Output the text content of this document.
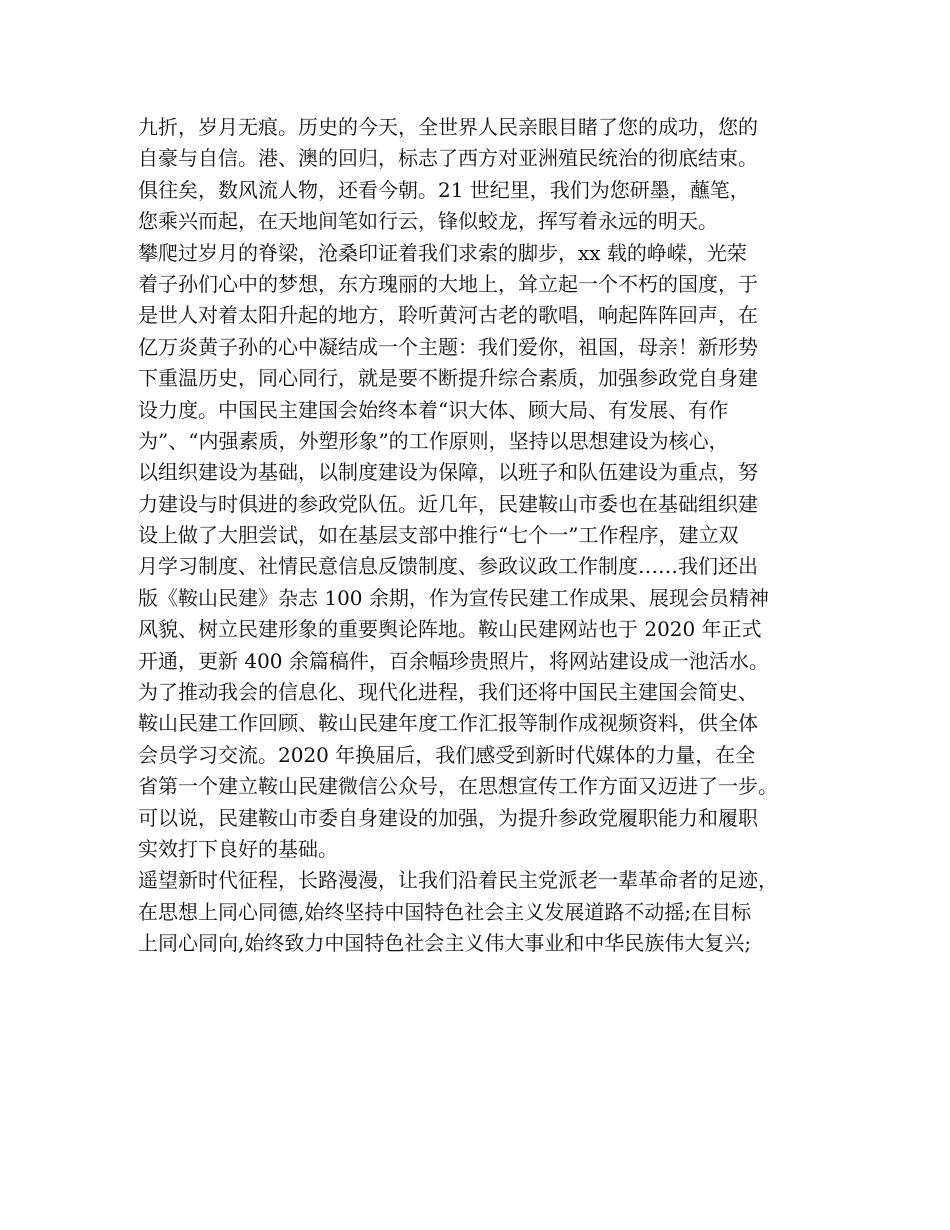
九折，岁月无痕。历史的今天，全世界人民亲眼目睹了您的成功，您的
自豪与自信。港、澳的回归，标志了西方对亚洲殖民统治的彻底结束。
俱往矣，数风流人物，还看今朝。21 世纪里，我们为您研墨，蘸笔，
您乘兴而起，在天地间笔如行云，锋似蛟龙，挥写着永远的明天。
攀爬过岁月的脊梁，沧桑印证着我们求索的脚步，xx 载的峥嵘，光荣
着子孙们心中的梦想，东方瑰丽的大地上，耸立起一个不朽的国度，于
是世人对着太阳升起的地方，聆听黄河古老的歌唱，响起阵阵回声，在
亿万炎黄子孙的心中凝结成一个主题：我们爱你，祖国，母亲！新形势
下重温历史，同心同行，就是要不断提升综合素质，加强参政党自身建
设力度。中国民主建国会始终本着“识大体、顾大局、有发展、有作
为”、“内强素质，外塑形象”的工作原则，坚持以思想建设为核心，
以组织建设为基础，以制度建设为保障，以班子和队伍建设为重点，努
力建设与时俱进的参政党队伍。近几年，民建鞍山市委也在基础组织建
设上做了大胆尝试，如在基层支部中推行“七个一”工作程序，建立双
月学习制度、社情民意信息反馈制度、参政议政工作制度……我们还出
版《鞍山民建》杂志 100 余期，作为宣传民建工作成果、展现会员精神
风貌、树立民建形象的重要舆论阵地。鞍山民建网站也于 2020 年正式
开通，更新 400 余篇稿件，百余幅珍贵照片，将网站建设成一池活水。
为了推动我会的信息化、现代化进程，我们还将中国民主建国会简史、
鞍山民建工作回顾、鞍山民建年度工作汇报等制作成视频资料，供全体
会员学习交流。2020 年换届后，我们感受到新时代媒体的力量，在全
省第一个建立鞍山民建微信公众号，在思想宣传工作方面又迈进了一步。
可以说，民建鞍山市委自身建设的加强，为提升参政党履职能力和履职
实效打下良好的基础。
遥望新时代征程，长路漫漫，让我们沿着民主党派老一辈革命者的足迹，
在思想上同心同德,始终坚持中国特色社会主义发展道路不动摇;在目标
上同心同向,始终致力中国特色社会主义伟大事业和中华民族伟大复兴;
